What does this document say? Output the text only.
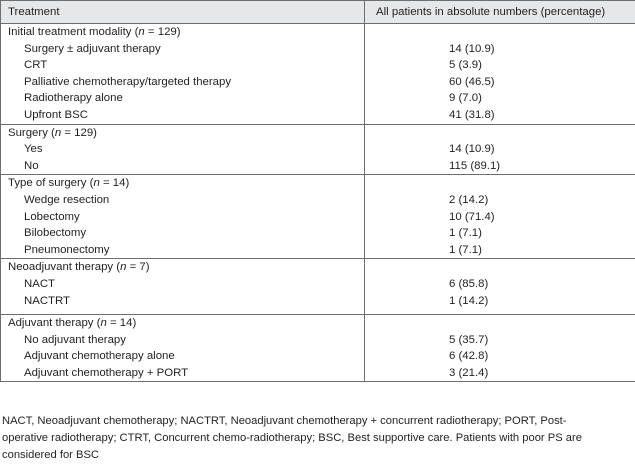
Treatment	All patients in absolute numbers (percentage)
Initial treatment modality (n = 129)	
Surgery ± adjuvant therapy	14 (10.9)
CRT	5 (3.9)
Palliative chemotherapy/targeted therapy	60 (46.5)
Radiotherapy alone	9 (7.0)
Upfront BSC	41 (31.8)
Surgery (n = 129)	
Yes	14 (10.9)
No	115 (89.1)
Type of surgery (n = 14)	
Wedge resection	2 (14.2)
Lobectomy	10 (71.4)
Bilobectomy	1 (7.1)
Pneumonectomy	1 (7.1)
Neoadjuvant therapy (n = 7)	
NACT	6 (85.8)
NACTRT	1 (14.2)

Adjuvant therapy (n = 14)	
No adjuvant therapy	5 (35.7)
Adjuvant chemotherapy alone	6 (42.8)
Adjuvant chemotherapy + PORT	3 (21.4)
NACT, Neoadjuvant chemotherapy; NACTRT, Neoadjuvant chemotherapy + concurrent radiotherapy; PORT, Post-
operative radiotherapy; CTRT, Concurrent chemo-radiotherapy; BSC, Best supportive care. Patients with poor PS are
considered for BSC
